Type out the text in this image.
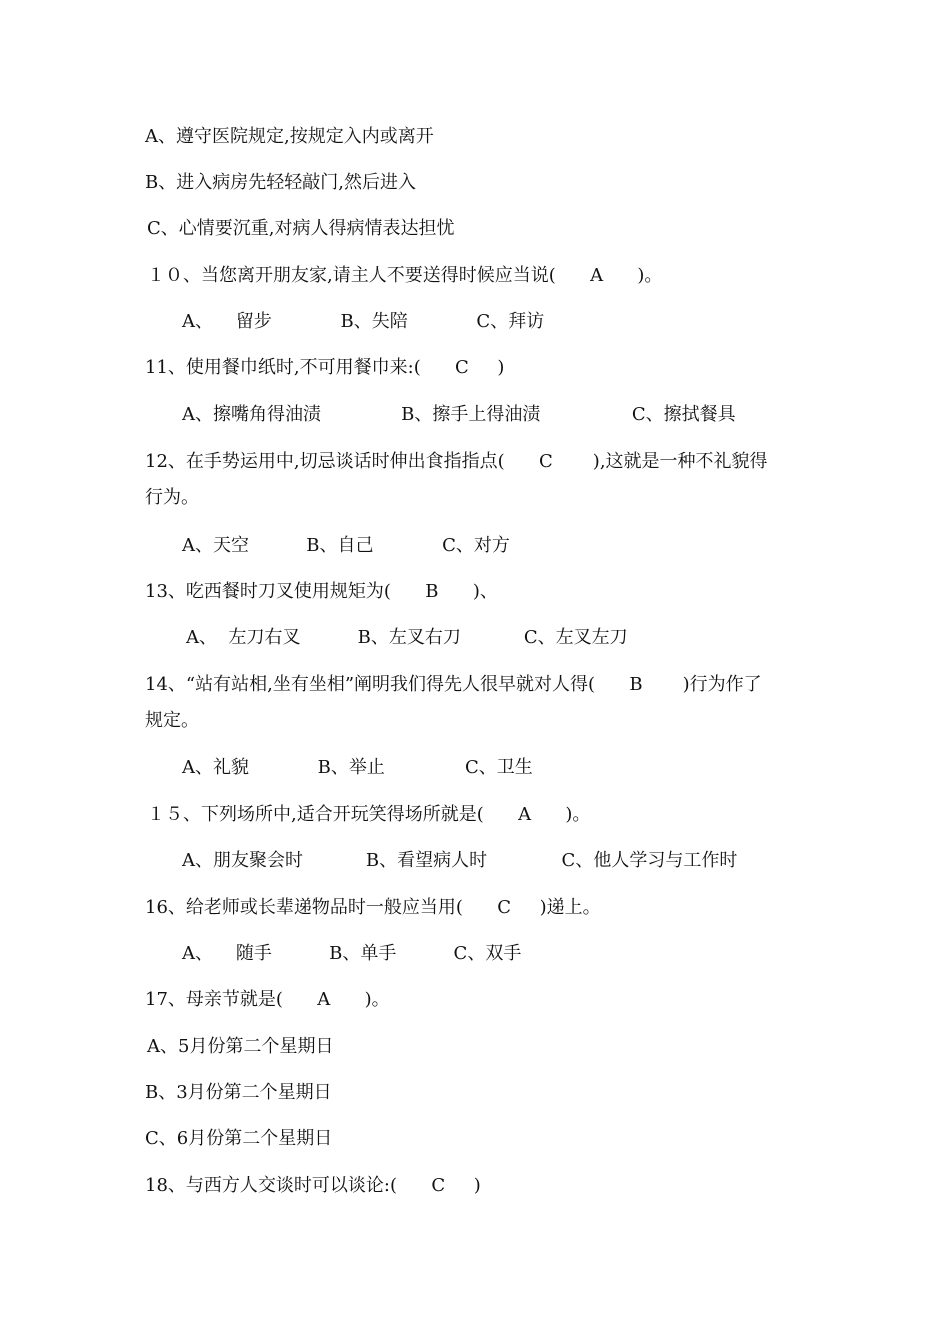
A、遵守医院规定,按规定入内或离开
B、进入病房先轻轻敲门,然后进入
C、心情要沉重,对病人得病情表达担忧
１０、当您离开朋友家,请主人不要送得时候应当说(      A      )。
A、    留步            B、失陪            C、拜访
11、使用餐巾纸时,不可用餐巾来:(      C     )
A、擦嘴角得油渍              B、擦手上得油渍                C、擦拭餐具
12、在手势运用中,切忌谈话时伸出食指指点(      C       ),这就是一种不礼貌得
行为。
A、天空          B、自己            C、对方
13、吃西餐时刀叉使用规矩为(      B      )、
A、  左刀右叉          B、左叉右刀           C、左叉左刀
14、“站有站相,坐有坐相”阐明我们得先人很早就对人得(      B       )行为作了
规定。
A、礼貌            B、举止              C、卫生
１５、下列场所中,适合开玩笑得场所就是(      A      )。
A、朋友聚会时           B、看望病人时             C、他人学习与工作时
16、给老师或长辈递物品时一般应当用(      C     )递上。
A、    随手          B、单手          C、双手
17、母亲节就是(      A      )。
A、5月份第二个星期日
B、3月份第二个星期日
C、6月份第二个星期日
18、与西方人交谈时可以谈论:(      C     )
